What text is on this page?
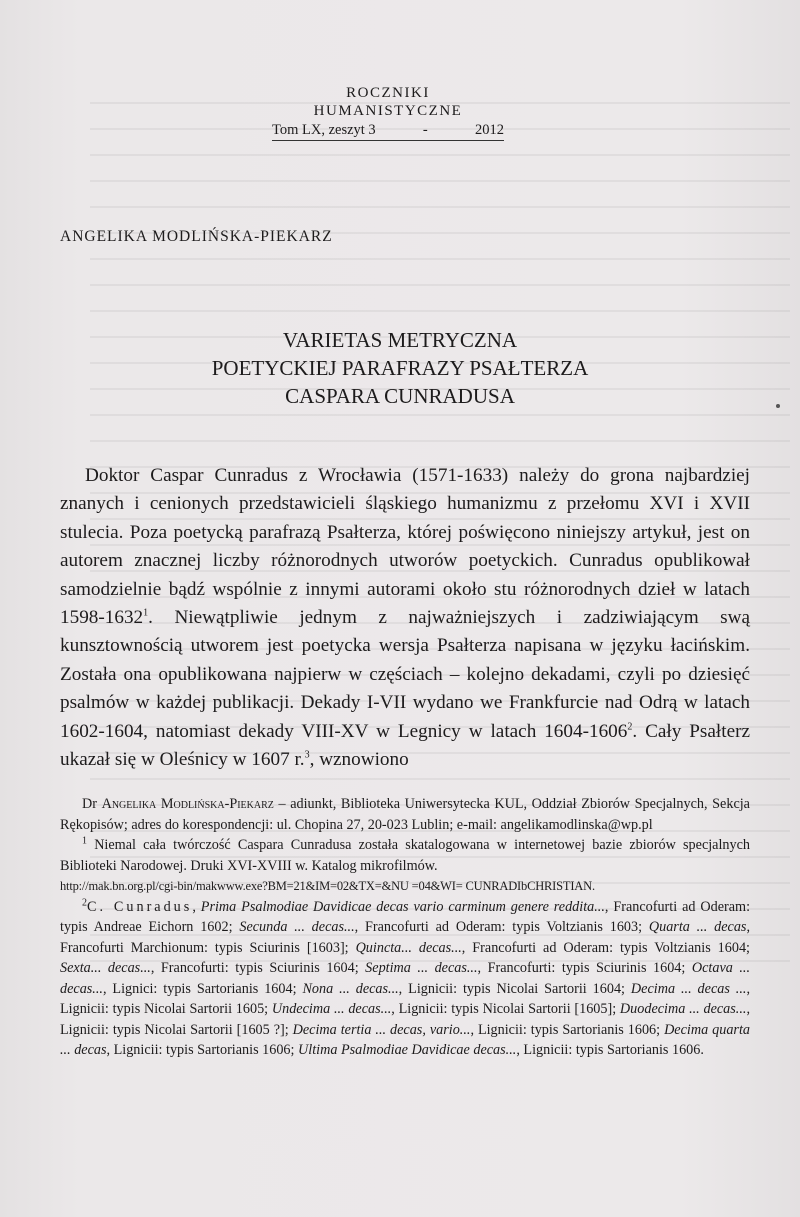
ROCZNIKI HUMANISTYCZNE
Tom LX, zeszyt 3	-	2012
ANGELIKA MODLIŃSKA-PIEKARZ
VARIETAS METRYCZNA
POETYCKIEJ PARAFRAZY PSAŁTERZA
CASPARA CUNRADUSA

Doktor Caspar Cunradus z Wrocławia (1571-1633) należy do grona najbardziej znanych i cenionych przedstawicieli śląskiego humanizmu z przełomu XVI i XVII stulecia. Poza poetycką parafrazą Psałterza, której poświęcono niniejszy artykuł, jest on autorem znacznej liczby różnorodnych utworów poetyckich. Cunradus opublikował samodzielnie bądź wspólnie z innymi autorami około stu różnorodnych dzieł w latach 1598-1632$^1$. Niewątpliwie jednym z najważniejszych i zadziwiającym swą kunsztownością utworem jest poetycka wersja Psałterza napisana w języku łacińskim. Została ona opublikowana najpierw w częściach – kolejno dekadami, czyli po dziesięć psalmów w każdej publikacji. Dekady I-VII wydano we Frankfurcie nad Odrą w latach 1602-1604, natomiast dekady VIII-XV w Legnicy w latach 1604-1606$^2$. Cały Psałterz ukazał się w Oleśnicy w 1607 r.$^3$, wznowiono

Dr Angelika Modlińska-Piekarz – adiunkt, Biblioteka Uniwersytecka KUL, Oddział Zbiorów Specjalnych, Sekcja Rękopisów; adres do korespondencji: ul. Chopina 27, 20-023 Lublin; e-mail: angelikamodlinska@wp.pl

$^1$ Niemal cała twórczość Caspara Cunradusa została skatalogowana w internetowej bazie zbiorów specjalnych Biblioteki Narodowej. Druki XVI-XVIII w. Katalog mikrofilmów.
http://mak.bn.org.pl/cgi-bin/makwww.exe?BM=21&IM=02&TX=&NU =04&WI= CUNRADIbCHRISTIAN.

$^2$C. Cunradus, Prima Psalmodiae Davidicae decas vario carminum genere reddita..., Francofurti ad Oderam: typis Andreae Eichorn 1602; Secunda ... decas..., Francofurti ad Oderam: typis Voltzianis 1603; Quarta ... decas, Francofurti Marchionum: typis Sciurinis [1603]; Quincta... decas..., Francofurti ad Oderam: typis Voltzianis 1604; Sexta... decas..., Francofurti: typis Sciurinis 1604; Septima ... decas..., Francofurti: typis Sciurinis 1604; Octava ... decas..., Lignici: typis Sartorianis 1604; Nona ... decas..., Lignicii: typis Nicolai Sartorii 1604; Decima ... decas ..., Lignicii: typis Nicolai Sartorii 1605; Undecima ... decas..., Lignicii: typis Nicolai Sartorii [1605]; Duodecima ... decas..., Lignicii: typis Nicolai Sartorii [1605 ?]; Decima tertia ... decas, vario..., Lignicii: typis Sartorianis 1606; Decima quarta ... decas, Lignicii: typis Sartorianis 1606; Ultima Psalmodiae Davidicae decas..., Lignicii: typis Sartorianis 1606.
